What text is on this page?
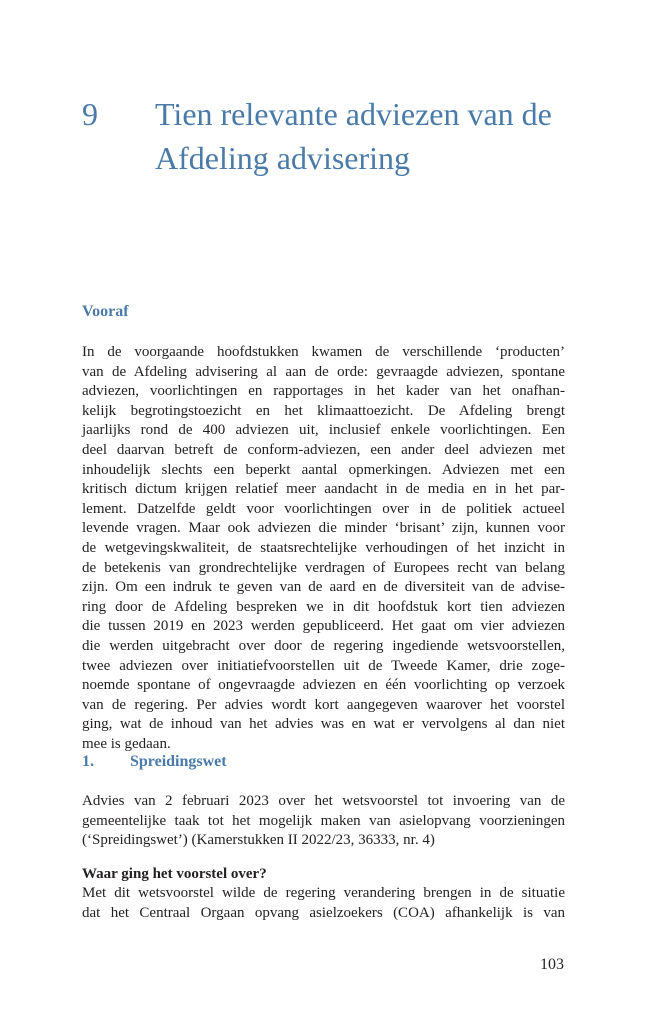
9 Tien relevante adviezen van de Afdeling advisering
Vooraf
In de voorgaande hoofdstukken kwamen de verschillende ‘producten’
van de Afdeling advisering al aan de orde: gevraagde adviezen, spontane
adviezen, voorlichtingen en rapportages in het kader van het onafhan-
kelijk begrotingstoezicht en het klimaattoezicht. De Afdeling brengt
jaarlijks rond de 400 adviezen uit, inclusief enkele voorlichtingen. Een
deel daarvan betreft de conform-adviezen, een ander deel adviezen met
inhoudelijk slechts een beperkt aantal opmerkingen. Adviezen met een
kritisch dictum krijgen relatief meer aandacht in de media en in het par-
lement. Datzelfde geldt voor voorlichtingen over in de politiek actueel
levende vragen. Maar ook adviezen die minder ‘brisant’ zijn, kunnen voor
de wetgevingskwaliteit, de staatsrechtelijke verhoudingen of het inzicht in
de betekenis van grondrechtelijke verdragen of Europees recht van belang
zijn. Om een indruk te geven van de aard en de diversiteit van de advise-
ring door de Afdeling bespreken we in dit hoofdstuk kort tien adviezen
die tussen 2019 en 2023 werden gepubliceerd. Het gaat om vier adviezen
die werden uitgebracht over door de regering ingediende wetsvoorstellen,
twee adviezen over initiatiefvoorstellen uit de Tweede Kamer, drie zoge-
noemde spontane of ongevraagde adviezen en één voorlichting op verzoek
van de regering. Per advies wordt kort aangegeven waarover het voorstel
ging, wat de inhoud van het advies was en wat er vervolgens al dan niet
mee is gedaan.
1. Spreidingswet
Advies van 2 februari 2023 over het wetsvoorstel tot invoering van de
gemeentelijke taak tot het mogelijk maken van asielopvang voorzieningen
(‘Spreidingswet’) (Kamerstukken II 2022/23, 36333, nr. 4)
Waar ging het voorstel over?
Met dit wetsvoorstel wilde de regering verandering brengen in de situatie
dat het Centraal Orgaan opvang asielzoekers (COA) afhankelijk is van
103
